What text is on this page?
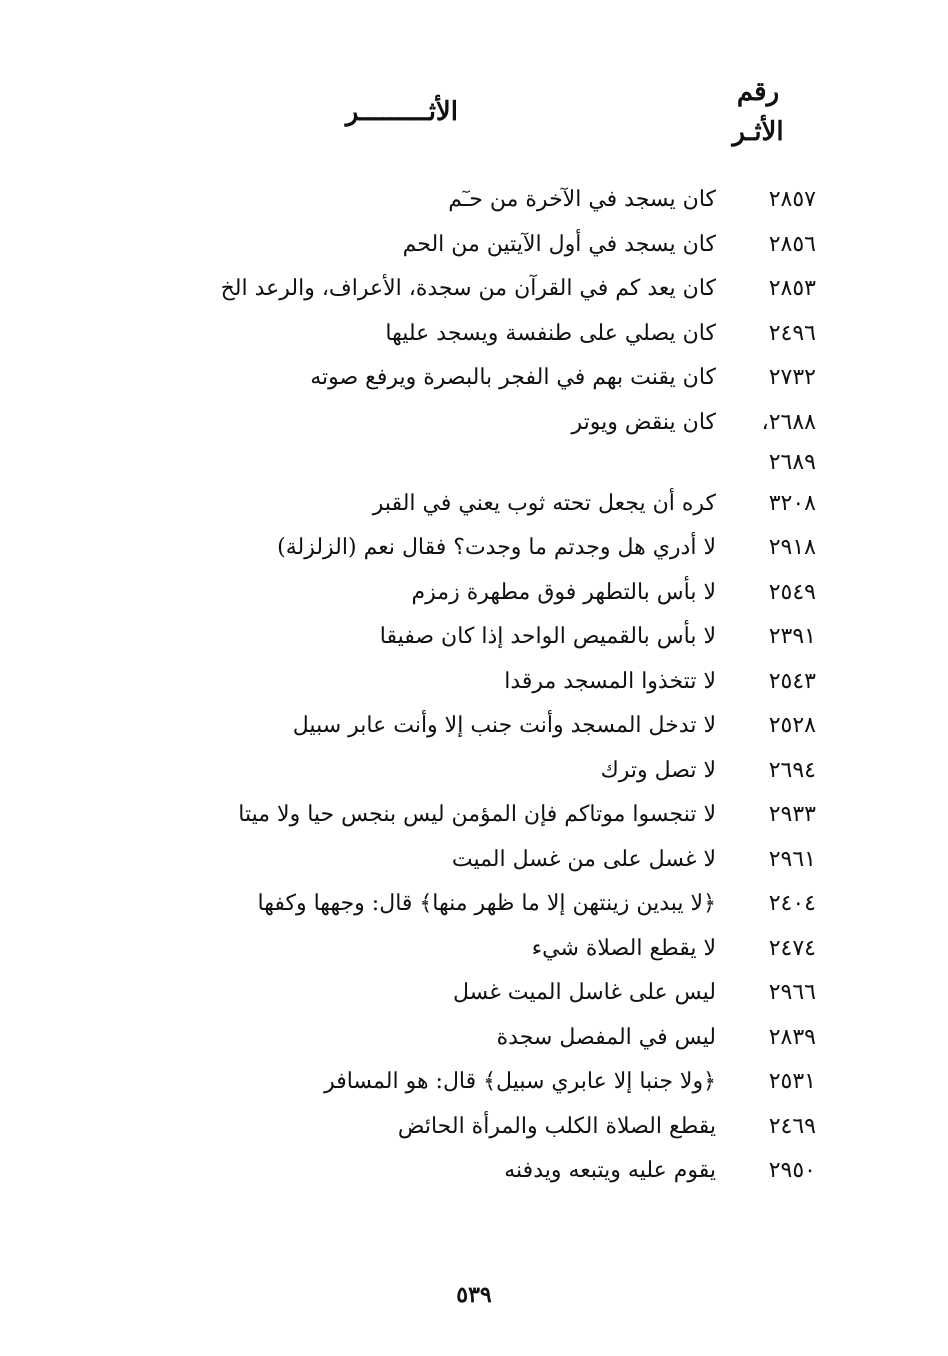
رقم
الأثـر
الأثـــــــــر
٢٨٥٧
كان يسجد في الآخرة من حـٓم
٢٨٥٦
كان يسجد في أول الآيتين من الحم
٢٨٥٣
كان يعد كم في القرآن من سجدة، الأعراف، والرعد الخ
٢٤٩٦
كان يصلي على طنفسة ويسجد عليها
٢٧٣٢
كان يقنت بهم في الفجر بالبصرة ويرفع صوته
٢٦٨٨،
٢٦٨٩
كان ينقض ويوتر
٣٢٠٨
كره أن يجعل تحته ثوب يعني في القبر
٢٩١٨
لا أدري هل وجدتم ما وجدت؟ فقال نعم (الزلزلة)
٢٥٤٩
لا بأس بالتطهر فوق مطهرة زمزم
٢٣٩١
لا بأس بالقميص الواحد إذا كان صفيقا
٢٥٤٣
لا تتخذوا المسجد مرقدا
٢٥٢٨
لا تدخل المسجد وأنت جنب إلا وأنت عابر سبيل
٢٦٩٤
لا تصل وترك
٢٩٣٣
لا تنجسوا موتاكم فإن المؤمن ليس بنجس حيا ولا ميتا
٢٩٦١
لا غسل على من غسل الميت
٢٤٠٤
﴿لا يبدين زينتهن إلا ما ظهر منها﴾ قال: وجهها وكفها
٢٤٧٤
لا يقطع الصلاة شيء
٢٩٦٦
ليس على غاسل الميت غسل
٢٨٣٩
ليس في المفصل سجدة
٢٥٣١
﴿ولا جنبا إلا عابري سبيل﴾ قال: هو المسافر
٢٤٦٩
يقطع الصلاة الكلب والمرأة الحائض
٢٩٥٠
يقوم عليه ويتبعه ويدفنه
٥٣٩
